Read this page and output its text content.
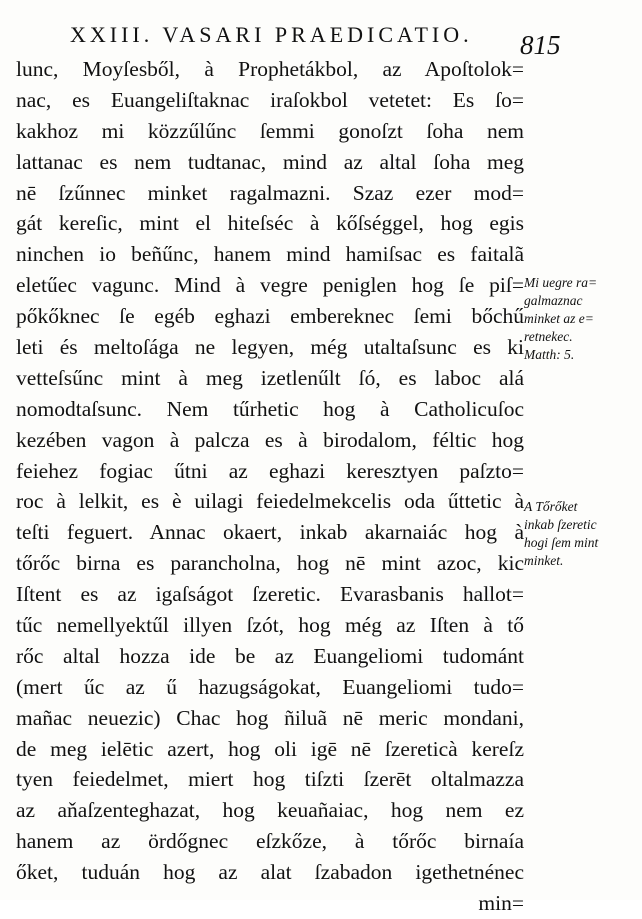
XXIII. VASARI PRAEDICATIO. 815
lunc, Moyſesből, à Prophetákbol, az Apoſtolok=
nac, es Euangeliſtaknac iraſokbol vetetet: Es ſo=
kakhoz mi közzűlűnc ſemmi gonoſzt ſoha nem
lattanac es nem tudtanac, mind az altal ſoha meg
nē ſzűnnec minket ragalmazni. Szaz ezer mod=
gát kereſic, mint el hiteſséc à kőſséggel, hog egis
ninchen io beñűnc, hanem mind hamiſsac es faitalã
eletűec vagunc. Mind à vegre peniglen hog ſe piſ=
pőkőknec ſe egéb eghazi embereknec ſemi bőchű
leti és meltoſága ne legyen, még utaltaſsunc es ki
vetteſsűnc mint à meg izetlenűlt ſó, es laboc alá
nomodtaſsunc. Nem tűrhetic hog à Catholicuſoc
kezében vagon à palcza es à birodalom, féltic hog
feiehez fogiac űtni az eghazi keresztyen paſzto=
roc à lelkit, es è uilagi feiedelmekcelis oda űttetic à
teſti feguert. Annac okaert, inkab akarnaiác hog à
tőrőc birna es parancholna, hog nē mint azoc, kic
Iſtent es az igaſságot ſzeretic. Evarasbanis hallot=
tűc nemellyektűl illyen ſzót, hog még az Iſten à tő
rőc altal hozza ide be az Euangeliomi tudománt
(mert űc az ű hazugságokat, Euangeliomi tudo=
mañac neuezic) Chac hog ñiluã nē meric mondani,
de meg ielētic azert, hog oli igē nē ſzereticà kereſz
tyen feiedelmet, miert hog tiſzti ſzerēt oltalmazza
az aňaſzenteghazat, hog keuañaiac, hog nem ez
hanem az ördőgnec eſzkőze, à tőrőc birnaía
őket, tuduán hog az alat ſzabadon igethetnénec
min=
Mi uegre ra=
galmaznac
minket az e=
retnekec.
Matth: 5.
A Tőrőket
inkab ſzeretic
hogi ſem mint
minket.
